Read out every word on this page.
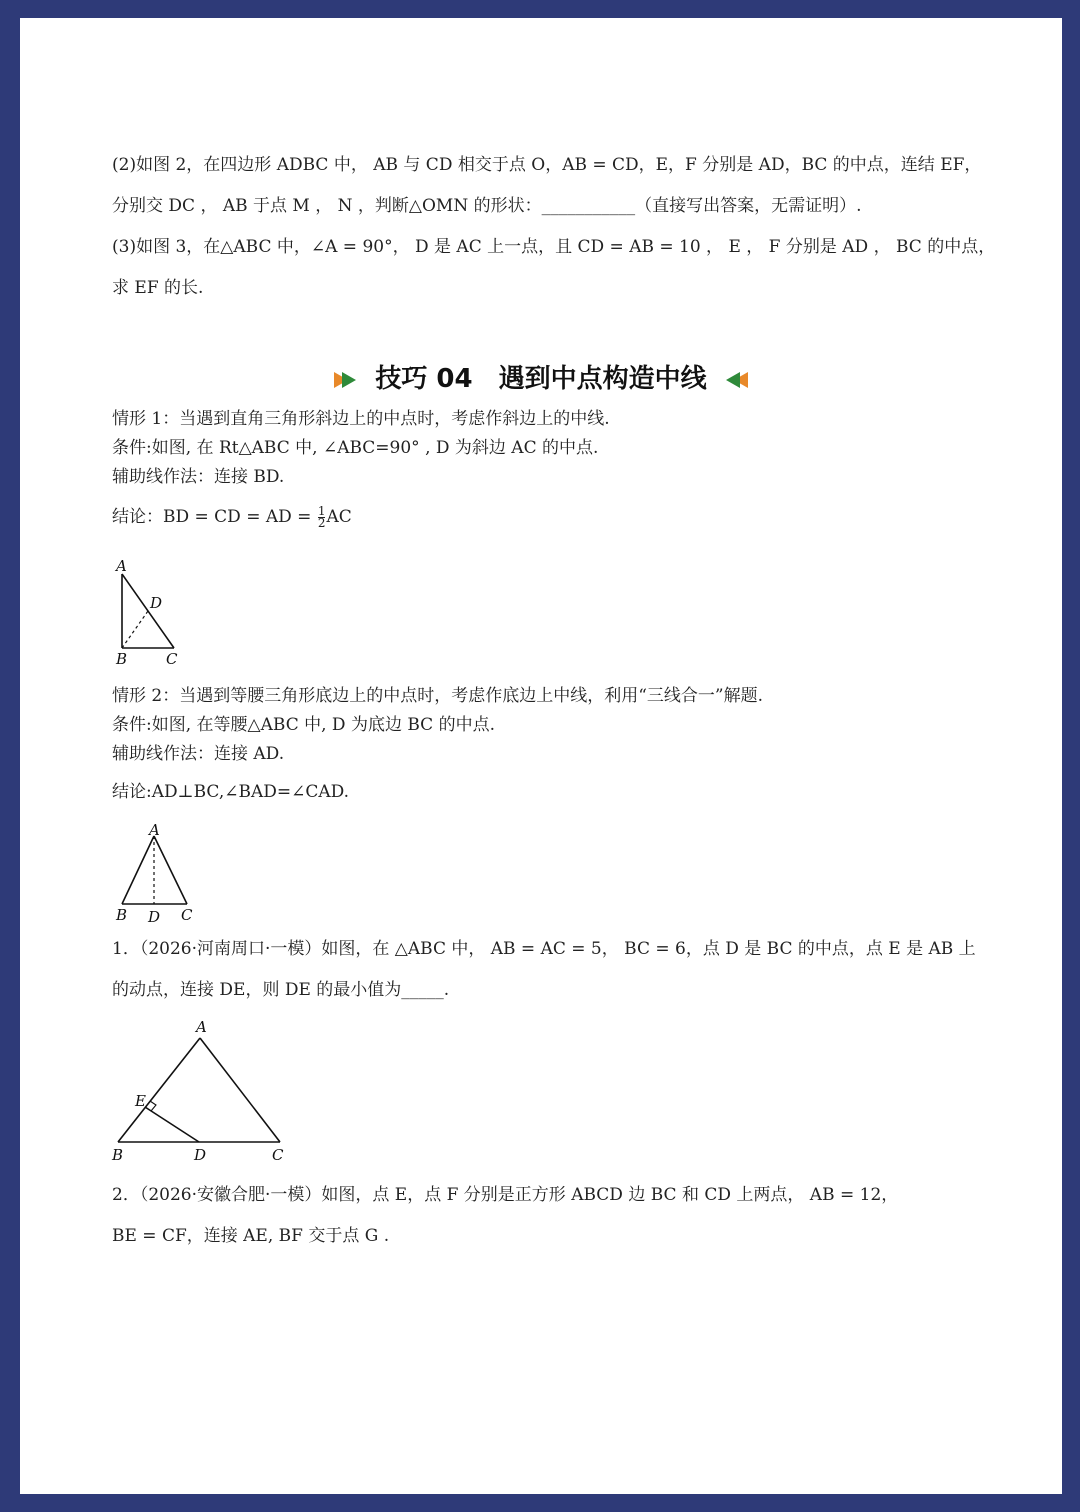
(2)如图 2，在四边形 ADBC 中， AB 与 CD 相交于点 O，AB = CD，E，F 分别是 AD，BC 的中点，连结 EF，
分别交 DC ， AB 于点 M ， N ，判断△OMN 的形状：___________（直接写出答案，无需证明）.
(3)如图 3，在△ABC 中，∠A = 90°， D 是 AC 上一点，且 CD = AB = 10 ， E ， F 分别是 AD ， BC 的中点，
求 EF 的长.
技巧 04　遇到中点构造中线
情形 1：当遇到直角三角形斜边上的中点时，考虑作斜边上的中线.
条件:如图, 在 Rt△ABC 中, ∠ABC=90° , D 为斜边 AC 的中点.
辅助线作法：连接 BD.
结论：BD = CD = AD = $\frac{1}{2}$ AC
A
D
B	C
情形 2：当遇到等腰三角形底边上的中点时，考虑作底边上中线，利用“三线合一”解题.
条件:如图, 在等腰△ABC 中, D 为底边 BC 的中点.
辅助线作法：连接 AD.
结论:AD⊥BC,∠BAD=∠CAD.
A
B D C
1．（2026·河南周口·一模）如图，在 △ABC 中， AB = AC = 5， BC = 6，点 D 是 BC 的中点，点 E 是 AB 上
的动点，连接 DE，则 DE 的最小值为_____.
A
E
B	D	C
2．（2026·安徽合肥·一模）如图，点 E，点 F 分别是正方形 ABCD 边 BC 和 CD 上两点， AB = 12，
BE = CF，连接 AE, BF 交于点 G .
